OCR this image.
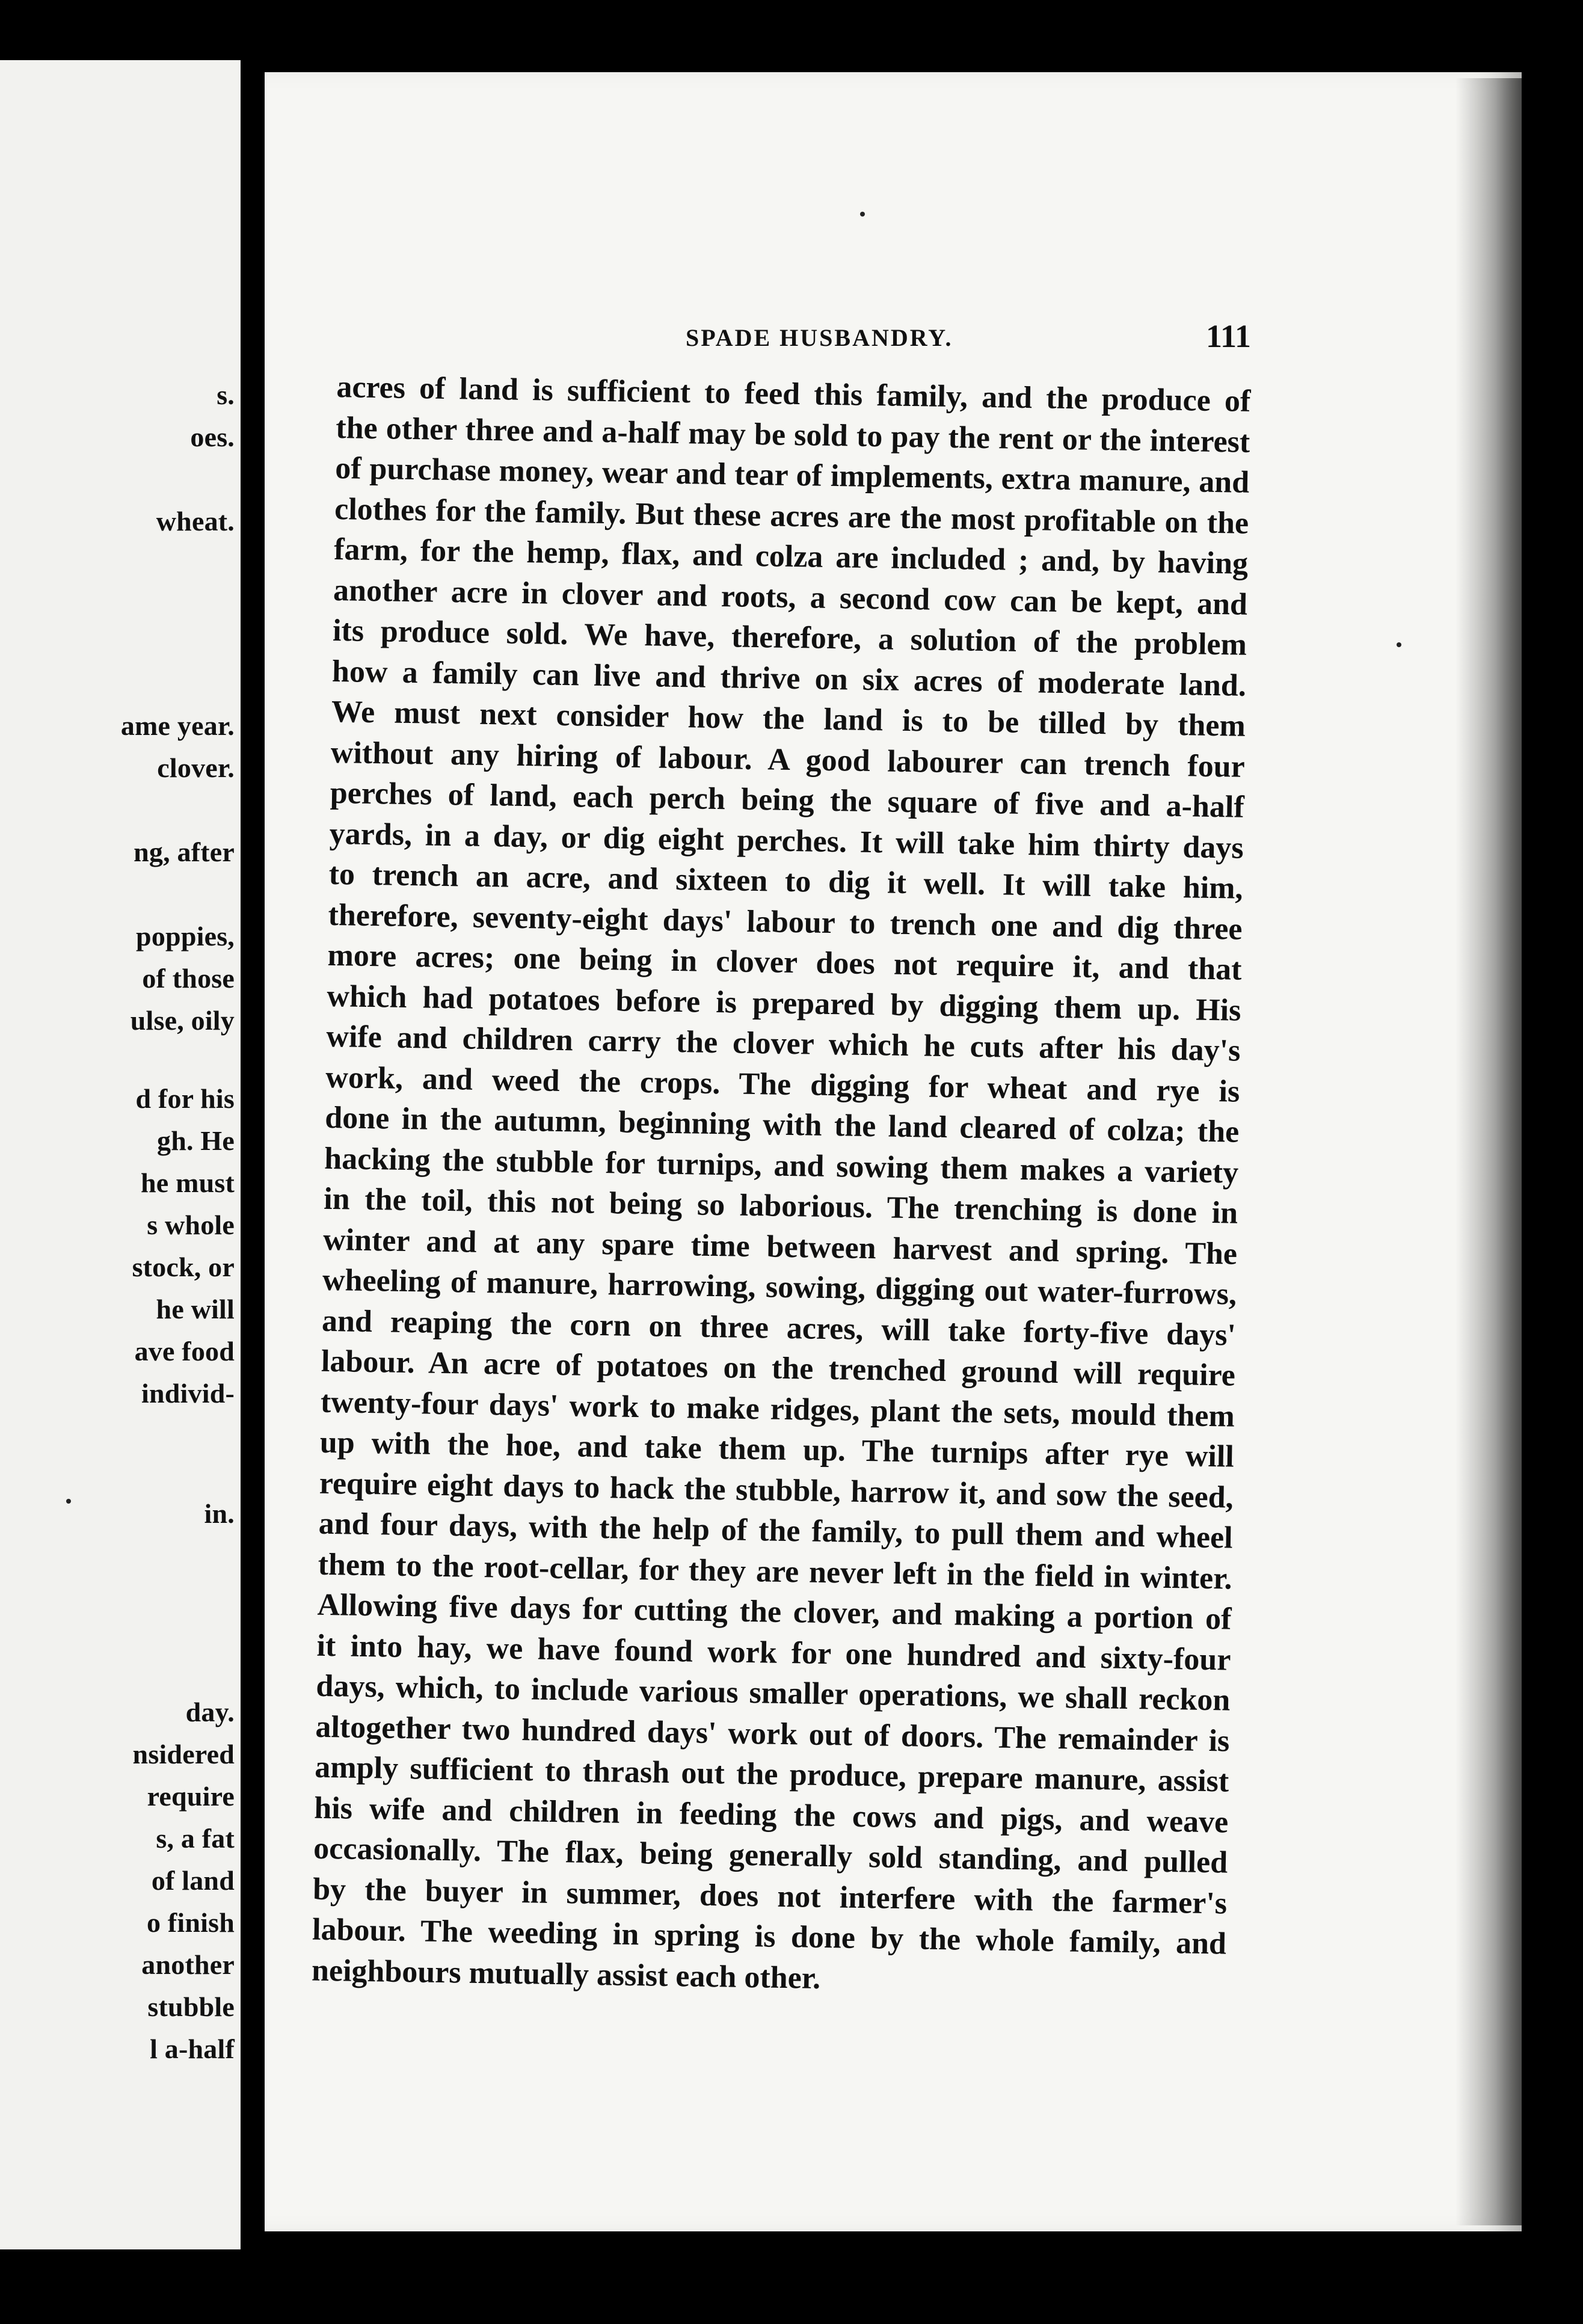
s.
oes.
wheat.
ame year.
clover.
ng, after
poppies,
of those
ulse, oily
d for his
gh. He
he must
s whole
stock, or
he will
ave food
individ-
in.
day.
nsidered
require
s, a fat
of land
o finish
another
stubble
l a-half
SPADE HUSBANDRY.	111
acres of land is sufficient to feed this family, and the produce of
the other three and a-half may be sold to pay the rent or the interest
of purchase money, wear and tear of implements, extra manure, and
clothes for the family. But these acres are the most profitable on the
farm, for the hemp, flax, and colza are included ; and, by having
another acre in clover and roots, a second cow can be kept, and
its produce sold. We have, therefore, a solution of the problem
how a family can live and thrive on six acres of moderate land.
We must next consider how the land is to be tilled by them
without any hiring of labour. A good labourer can trench four
perches of land, each perch being the square of five and a-half
yards, in a day, or dig eight perches. It will take him thirty days
to trench an acre, and sixteen to dig it well. It will take him,
therefore, seventy-eight days' labour to trench one and dig three
more acres; one being in clover does not require it, and that
which had potatoes before is prepared by digging them up. His
wife and children carry the clover which he cuts after his day's
work, and weed the crops. The digging for wheat and rye is
done in the autumn, beginning with the land cleared of colza; the
hacking the stubble for turnips, and sowing them makes a variety
in the toil, this not being so laborious. The trenching is done in
winter and at any spare time between harvest and spring. The
wheeling of manure, harrowing, sowing, digging out water-furrows,
and reaping the corn on three acres, will take forty-five days'
labour. An acre of potatoes on the trenched ground will require
twenty-four days' work to make ridges, plant the sets, mould them
up with the hoe, and take them up. The turnips after rye will
require eight days to hack the stubble, harrow it, and sow the seed,
and four days, with the help of the family, to pull them and wheel
them to the root-cellar, for they are never left in the field in winter.
Allowing five days for cutting the clover, and making a portion of
it into hay, we have found work for one hundred and sixty-four
days, which, to include various smaller operations, we shall reckon
altogether two hundred days' work out of doors. The remainder is
amply sufficient to thrash out the produce, prepare manure, assist
his wife and children in feeding the cows and pigs, and weave
occasionally. The flax, being generally sold standing, and pulled
by the buyer in summer, does not interfere with the farmer's
labour. The weeding in spring is done by the whole family, and
neighbours mutually assist each other.
